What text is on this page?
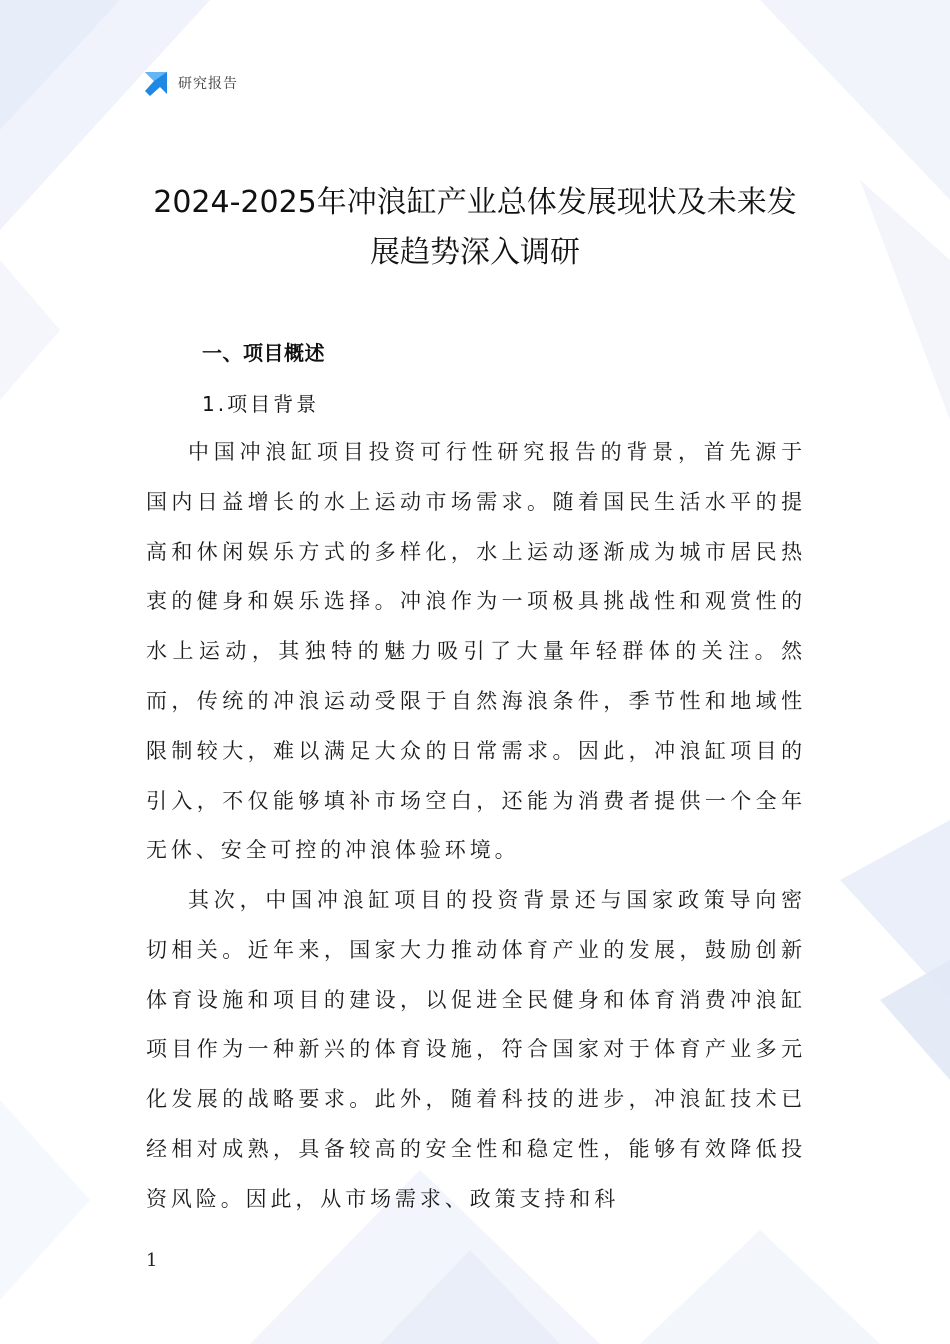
研究报告
2024-2025年冲浪缸产业总体发展现状及未来发展趋势深入调研
一、项目概述
1.项目背景

中国冲浪缸项目投资可行性研究报告的背景，首先源于国内日益增长的水上运动市场需求。随着国民生活水平的提高和休闲娱乐方式的多样化，水上运动逐渐成为城市居民热衷的健身和娱乐选择。冲浪作为一项极具挑战性和观赏性的水上运动，其独特的魅力吸引了大量年轻群体的关注。然而，传统的冲浪运动受限于自然海浪条件，季节性和地域性限制较大，难以满足大众的日常需求。因此，冲浪缸项目的引入，不仅能够填补市场空白，还能为消费者提供一个全年无休、安全可控的冲浪体验环境。

其次，中国冲浪缸项目的投资背景还与国家政策导向密切相关。近年来，国家大力推动体育产业的发展，鼓励创新体育设施和项目的建设，以促进全民健身和体育消费冲浪缸项目作为一种新兴的体育设施，符合国家对于体育产业多元化发展的战略要求。此外，随着科技的进步，冲浪缸技术已经相对成熟，具备较高的安全性和稳定性，能够有效降低投资风险。因此，从市场需求、政策支持和科

1
